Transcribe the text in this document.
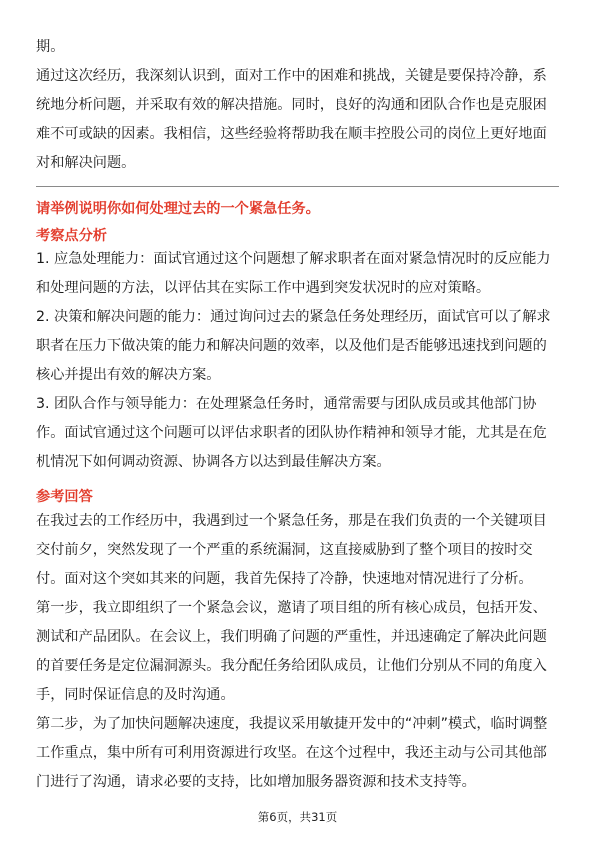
期。
通过这次经历，我深刻认识到，面对工作中的困难和挑战，关键是要保持冷静，系
统地分析问题，并采取有效的解决措施。同时，良好的沟通和团队合作也是克服困
难不可或缺的因素。我相信，这些经验将帮助我在顺丰控股公司的岗位上更好地面
对和解决问题。
请举例说明你如何处理过去的一个紧急任务。
考察点分析
1. 应急处理能力：面试官通过这个问题想了解求职者在面对紧急情况时的反应能力
和处理问题的方法，以评估其在实际工作中遇到突发状况时的应对策略。
2. 决策和解决问题的能力：通过询问过去的紧急任务处理经历，面试官可以了解求
职者在压力下做决策的能力和解决问题的效率，以及他们是否能够迅速找到问题的
核心并提出有效的解决方案。
3. 团队合作与领导能力：在处理紧急任务时，通常需要与团队成员或其他部门协
作。面试官通过这个问题可以评估求职者的团队协作精神和领导才能，尤其是在危
机情况下如何调动资源、协调各方以达到最佳解决方案。
参考回答
在我过去的工作经历中，我遇到过一个紧急任务，那是在我们负责的一个关键项目
交付前夕，突然发现了一个严重的系统漏洞，这直接威胁到了整个项目的按时交
付。面对这个突如其来的问题，我首先保持了冷静，快速地对情况进行了分析。
第一步，我立即组织了一个紧急会议，邀请了项目组的所有核心成员，包括开发、
测试和产品团队。在会议上，我们明确了问题的严重性，并迅速确定了解决此问题
的首要任务是定位漏洞源头。我分配任务给团队成员，让他们分别从不同的角度入
手，同时保证信息的及时沟通。
第二步，为了加快问题解决速度，我提议采用敏捷开发中的“冲刺”模式，临时调整
工作重点，集中所有可利用资源进行攻坚。在这个过程中，我还主动与公司其他部
门进行了沟通，请求必要的支持，比如增加服务器资源和技术支持等。
第6页，共31页
